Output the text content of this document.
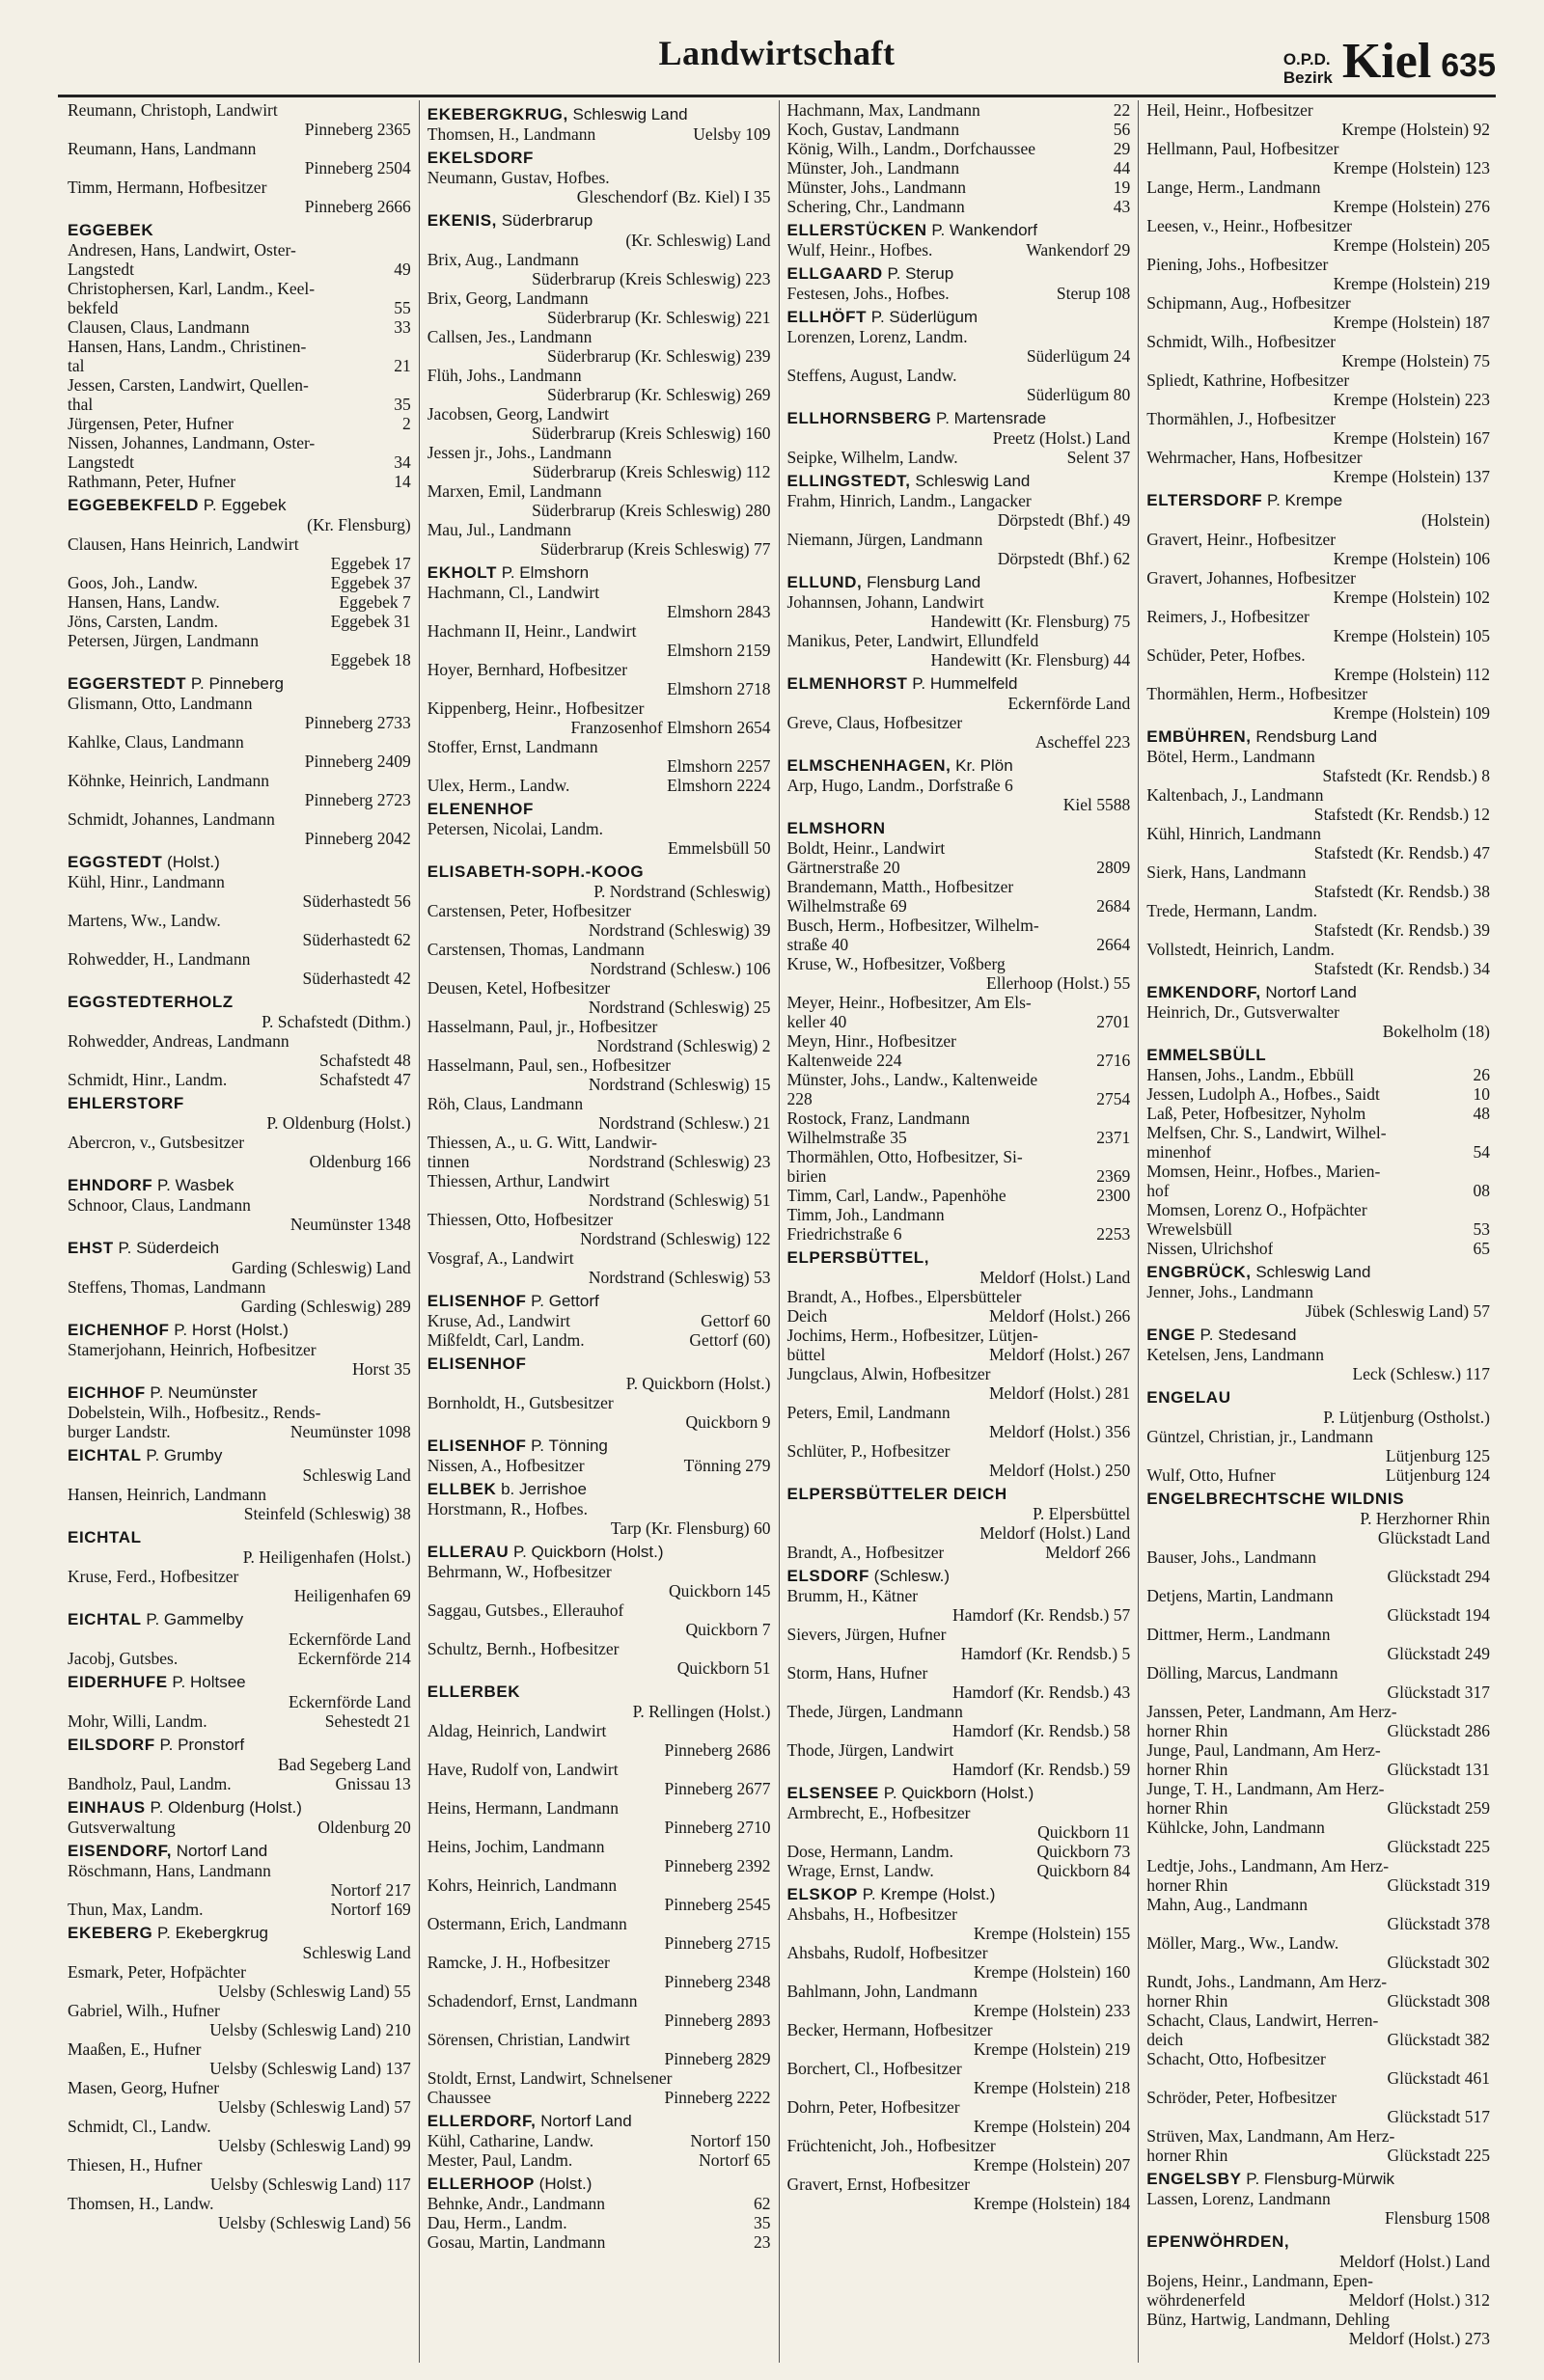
Landwirtschaft	O.P.D.
Bezirk Kiel 635
Reumann, Christoph, Landwirt
Pinneberg 2365
Reumann, Hans, Landmann
Pinneberg 2504
Timm, Hermann, Hofbesitzer
Pinneberg 2666
EGGEBEK
Andresen, Hans, Landwirt, Oster-
Langstedt	49
Christophersen, Karl, Landm., Keel-
bekfeld	55
Clausen, Claus, Landmann	33
Hansen, Hans, Landm., Christinen-
tal	21
Jessen, Carsten, Landwirt, Quellen-
thal	35
Jürgensen, Peter, Hufner	2
Nissen, Johannes, Landmann, Oster-
Langstedt	34
Rathmann, Peter, Hufner	14
EGGEBEKFELD P. Eggebek
(Kr. Flensburg)
Clausen, Hans Heinrich, Landwirt
Eggebek 17
Goos, Joh., Landw.	Eggebek 37
Hansen, Hans, Landw.	Eggebek 7
Jöns, Carsten, Landm.	Eggebek 31
Petersen, Jürgen, Landmann
Eggebek 18
EGGERSTEDT P. Pinneberg
Glismann, Otto, Landmann
Pinneberg 2733
Kahlke, Claus, Landmann
Pinneberg 2409
Köhnke, Heinrich, Landmann
Pinneberg 2723
Schmidt, Johannes, Landmann
Pinneberg 2042
EGGSTEDT (Holst.)
Kühl, Hinr., Landmann
Süderhastedt 56
Martens, Ww., Landw.
Süderhastedt 62
Rohwedder, H., Landmann
Süderhastedt 42
EGGSTEDTERHOLZ
P. Schafstedt (Dithm.)
Rohwedder, Andreas, Landmann
Schafstedt 48
Schmidt, Hinr., Landm.	Schafstedt 47
EHLERSTORF
P. Oldenburg (Holst.)
Abercron, v., Gutsbesitzer
Oldenburg 166
EHNDORF P. Wasbek
Schnoor, Claus, Landmann
Neumünster 1348
EHST P. Süderdeich
Garding (Schleswig) Land
Steffens, Thomas, Landmann
Garding (Schleswig) 289
EICHENHOF P. Horst (Holst.)
Stamerjohann, Heinrich, Hofbesitzer
Horst 35
EICHHOF P. Neumünster
Dobelstein, Wilh., Hofbesitz., Rends-
burger Landstr.	Neumünster 1098
EICHTAL P. Grumby
Schleswig Land
Hansen, Heinrich, Landmann
Steinfeld (Schleswig) 38
EICHTAL
P. Heiligenhafen (Holst.)
Kruse, Ferd., Hofbesitzer
Heiligenhafen 69
EICHTAL P. Gammelby
Eckernförde Land
Jacobj, Gutsbes.	Eckernförde 214
EIDERHUFE P. Holtsee
Eckernförde Land
Mohr, Willi, Landm.	Sehestedt 21
EILSDORF P. Pronstorf
Bad Segeberg Land
Bandholz, Paul, Landm.	Gnissau 13
EINHAUS P. Oldenburg (Holst.)
Gutsverwaltung	Oldenburg 20
EISENDORF, Nortorf Land
Röschmann, Hans, Landmann
Nortorf 217
Thun, Max, Landm.	Nortorf 169
EKEBERG P. Ekebergkrug
Schleswig Land
Esmark, Peter, Hofpächter
Uelsby (Schleswig Land) 55
Gabriel, Wilh., Hufner
Uelsby (Schleswig Land) 210
Maaßen, E., Hufner
Uelsby (Schleswig Land) 137
Masen, Georg, Hufner
Uelsby (Schleswig Land) 57
Schmidt, Cl., Landw.
Uelsby (Schleswig Land) 99
Thiesen, H., Hufner
Uelsby (Schleswig Land) 117
Thomsen, H., Landw.
Uelsby (Schleswig Land) 56
EKEBERGKRUG, Schleswig Land
Thomsen, H., Landmann	Uelsby 109
EKELSDORF
Neumann, Gustav, Hofbes.
Gleschendorf (Bz. Kiel) I 35
EKENIS, Süderbrarup
(Kr. Schleswig) Land
Brix, Aug., Landmann
Süderbrarup (Kreis Schleswig) 223
Brix, Georg, Landmann
Süderbrarup (Kr. Schleswig) 221
Callsen, Jes., Landmann
Süderbrarup (Kr. Schleswig) 239
Flüh, Johs., Landmann
Süderbrarup (Kr. Schleswig) 269
Jacobsen, Georg, Landwirt
Süderbrarup (Kreis Schleswig) 160
Jessen jr., Johs., Landmann
Süderbrarup (Kreis Schleswig) 112
Marxen, Emil, Landmann
Süderbrarup (Kreis Schleswig) 280
Mau, Jul., Landmann
Süderbrarup (Kreis Schleswig) 77
EKHOLT P. Elmshorn
Hachmann, Cl., Landwirt
Elmshorn 2843
Hachmann II, Heinr., Landwirt
Elmshorn 2159
Hoyer, Bernhard, Hofbesitzer
Elmshorn 2718
Kippenberg, Heinr., Hofbesitzer
Franzosenhof Elmshorn 2654
Stoffer, Ernst, Landmann
Elmshorn 2257
Ulex, Herm., Landw.	Elmshorn 2224
ELENENHOF
Petersen, Nicolai, Landm.
Emmelsbüll 50
ELISABETH-SOPH.-KOOG
P. Nordstrand (Schleswig)
Carstensen, Peter, Hofbesitzer
Nordstrand (Schleswig) 39
Carstensen, Thomas, Landmann
Nordstrand (Schlesw.) 106
Deusen, Ketel, Hofbesitzer
Nordstrand (Schleswig) 25
Hasselmann, Paul, jr., Hofbesitzer
Nordstrand (Schleswig) 2
Hasselmann, Paul, sen., Hofbesitzer
Nordstrand (Schleswig) 15
Röh, Claus, Landmann
Nordstrand (Schlesw.) 21
Thiessen, A., u. G. Witt, Landwir-
tinnen	Nordstrand (Schleswig) 23
Thiessen, Arthur, Landwirt
Nordstrand (Schleswig) 51
Thiessen, Otto, Hofbesitzer
Nordstrand (Schleswig) 122
Vosgraf, A., Landwirt
Nordstrand (Schleswig) 53
ELISENHOF P. Gettorf
Kruse, Ad., Landwirt	Gettorf 60
Mißfeldt, Carl, Landm.	Gettorf (60)
ELISENHOF
P. Quickborn (Holst.)
Bornholdt, H., Gutsbesitzer
Quickborn 9
ELISENHOF P. Tönning
Nissen, A., Hofbesitzer	Tönning 279
ELLBEK b. Jerrishoe
Horstmann, R., Hofbes.
Tarp (Kr. Flensburg) 60
ELLERAU P. Quickborn (Holst.)
Behrmann, W., Hofbesitzer
Quickborn 145
Saggau, Gutsbes., Ellerauhof
Quickborn 7
Schultz, Bernh., Hofbesitzer
Quickborn 51
ELLERBEK
P. Rellingen (Holst.)
Aldag, Heinrich, Landwirt
Pinneberg 2686
Have, Rudolf von, Landwirt
Pinneberg 2677
Heins, Hermann, Landmann
Pinneberg 2710
Heins, Jochim, Landmann
Pinneberg 2392
Kohrs, Heinrich, Landmann
Pinneberg 2545
Ostermann, Erich, Landmann
Pinneberg 2715
Ramcke, J. H., Hofbesitzer
Pinneberg 2348
Schadendorf, Ernst, Landmann
Pinneberg 2893
Sörensen, Christian, Landwirt
Pinneberg 2829
Stoldt, Ernst, Landwirt, Schnelsener
Chaussee	Pinneberg 2222
ELLERDORF, Nortorf Land
Kühl, Catharine, Landw.	Nortorf 150
Mester, Paul, Landm.	Nortorf 65
ELLERHOOP (Holst.)
Behnke, Andr., Landmann	62
Dau, Herm., Landm.	35
Gosau, Martin, Landmann	23
Hachmann, Max, Landmann	22
Koch, Gustav, Landmann	56
König, Wilh., Landm., Dorfchaussee	29
Münster, Joh., Landmann	44
Münster, Johs., Landmann	19
Schering, Chr., Landmann	43
ELLERSTÜCKEN P. Wankendorf
Wulf, Heinr., Hofbes.	Wankendorf 29
ELLGAARD P. Sterup
Festesen, Johs., Hofbes.	Sterup 108
ELLHÖFT P. Süderlügum
Lorenzen, Lorenz, Landm.
Süderlügum 24
Steffens, August, Landw.
Süderlügum 80
ELLHORNSBERG P. Martensrade
Preetz (Holst.) Land
Seipke, Wilhelm, Landw.	Selent 37
ELLINGSTEDT, Schleswig Land
Frahm, Hinrich, Landm., Langacker
Dörpstedt (Bhf.) 49
Niemann, Jürgen, Landmann
Dörpstedt (Bhf.) 62
ELLUND, Flensburg Land
Johannsen, Johann, Landwirt
Handewitt (Kr. Flensburg) 75
Manikus, Peter, Landwirt, Ellundfeld
Handewitt (Kr. Flensburg) 44
ELMENHORST P. Hummelfeld
Eckernförde Land
Greve, Claus, Hofbesitzer
Ascheffel 223
ELMSCHENHAGEN, Kr. Plön
Arp, Hugo, Landm., Dorfstraße 6
Kiel 5588
ELMSHORN
Boldt, Heinr., Landwirt
Gärtnerstraße 20	2809
Brandemann, Matth., Hofbesitzer
Wilhelmstraße 69	2684
Busch, Herm., Hofbesitzer, Wilhelm-
straße 40	2664
Kruse, W., Hofbesitzer, Voßberg
Ellerhoop (Holst.) 55
Meyer, Heinr., Hofbesitzer, Am Els-
keller 40	2701
Meyn, Hinr., Hofbesitzer
Kaltenweide 224	2716
Münster, Johs., Landw., Kaltenweide
228	2754
Rostock, Franz, Landmann
Wilhelmstraße 35	2371
Thormählen, Otto, Hofbesitzer, Si-
birien	2369
Timm, Carl, Landw., Papenhöhe	2300
Timm, Joh., Landmann
Friedrichstraße 6	2253
ELPERSBÜTTEL,
Meldorf (Holst.) Land
Brandt, A., Hofbes., Elpersbütteler
Deich	Meldorf (Holst.) 266
Jochims, Herm., Hofbesitzer, Lütjen-
büttel	Meldorf (Holst.) 267
Jungclaus, Alwin, Hofbesitzer
Meldorf (Holst.) 281
Peters, Emil, Landmann
Meldorf (Holst.) 356
Schlüter, P., Hofbesitzer
Meldorf (Holst.) 250
ELPERSBÜTTELER DEICH
P. Elpersbüttel
Meldorf (Holst.) Land
Brandt, A., Hofbesitzer	Meldorf 266
ELSDORF (Schlesw.)
Brumm, H., Kätner
Hamdorf (Kr. Rendsb.) 57
Sievers, Jürgen, Hufner
Hamdorf (Kr. Rendsb.) 5
Storm, Hans, Hufner
Hamdorf (Kr. Rendsb.) 43
Thede, Jürgen, Landmann
Hamdorf (Kr. Rendsb.) 58
Thode, Jürgen, Landwirt
Hamdorf (Kr. Rendsb.) 59
ELSENSEE P. Quickborn (Holst.)
Armbrecht, E., Hofbesitzer
Quickborn 11
Dose, Hermann, Landm.	Quickborn 73
Wrage, Ernst, Landw.	Quickborn 84
ELSKOP P. Krempe (Holst.)
Ahsbahs, H., Hofbesitzer
Krempe (Holstein) 155
Ahsbahs, Rudolf, Hofbesitzer
Krempe (Holstein) 160
Bahlmann, John, Landmann
Krempe (Holstein) 233
Becker, Hermann, Hofbesitzer
Krempe (Holstein) 219
Borchert, Cl., Hofbesitzer
Krempe (Holstein) 218
Dohrn, Peter, Hofbesitzer
Krempe (Holstein) 204
Früchtenicht, Joh., Hofbesitzer
Krempe (Holstein) 207
Gravert, Ernst, Hofbesitzer
Krempe (Holstein) 184
Heil, Heinr., Hofbesitzer
Krempe (Holstein) 92
Hellmann, Paul, Hofbesitzer
Krempe (Holstein) 123
Lange, Herm., Landmann
Krempe (Holstein) 276
Leesen, v., Heinr., Hofbesitzer
Krempe (Holstein) 205
Piening, Johs., Hofbesitzer
Krempe (Holstein) 219
Schipmann, Aug., Hofbesitzer
Krempe (Holstein) 187
Schmidt, Wilh., Hofbesitzer
Krempe (Holstein) 75
Spliedt, Kathrine, Hofbesitzer
Krempe (Holstein) 223
Thormählen, J., Hofbesitzer
Krempe (Holstein) 167
Wehrmacher, Hans, Hofbesitzer
Krempe (Holstein) 137
ELTERSDORF P. Krempe
(Holstein)
Gravert, Heinr., Hofbesitzer
Krempe (Holstein) 106
Gravert, Johannes, Hofbesitzer
Krempe (Holstein) 102
Reimers, J., Hofbesitzer
Krempe (Holstein) 105
Schüder, Peter, Hofbes.
Krempe (Holstein) 112
Thormählen, Herm., Hofbesitzer
Krempe (Holstein) 109
EMBÜHREN, Rendsburg Land
Bötel, Herm., Landmann
Stafstedt (Kr. Rendsb.) 8
Kaltenbach, J., Landmann
Stafstedt (Kr. Rendsb.) 12
Kühl, Hinrich, Landmann
Stafstedt (Kr. Rendsb.) 47
Sierk, Hans, Landmann
Stafstedt (Kr. Rendsb.) 38
Trede, Hermann, Landm.
Stafstedt (Kr. Rendsb.) 39
Vollstedt, Heinrich, Landm.
Stafstedt (Kr. Rendsb.) 34
EMKENDORF, Nortorf Land
Heinrich, Dr., Gutsverwalter
Bokelholm (18)
EMMELSBÜLL
Hansen, Johs., Landm., Ebbüll	26
Jessen, Ludolph A., Hofbes., Saidt	10
Laß, Peter, Hofbesitzer, Nyholm	48
Melfsen, Chr. S., Landwirt, Wilhel-
minenhof	54
Momsen, Heinr., Hofbes., Marien-
hof	08
Momsen, Lorenz O., Hofpächter
Wrewelsbüll	53
Nissen, Ulrichshof	65
ENGBRÜCK, Schleswig Land
Jenner, Johs., Landmann
Jübek (Schleswig Land) 57
ENGE P. Stedesand
Ketelsen, Jens, Landmann
Leck (Schlesw.) 117
ENGELAU
P. Lütjenburg (Ostholst.)
Güntzel, Christian, jr., Landmann
Lütjenburg 125
Wulf, Otto, Hufner	Lütjenburg 124
ENGELBRECHTSCHE WILDNIS
P. Herzhorner Rhin
Glückstadt Land
Bauser, Johs., Landmann
Glückstadt 294
Detjens, Martin, Landmann
Glückstadt 194
Dittmer, Herm., Landmann
Glückstadt 249
Dölling, Marcus, Landmann
Glückstadt 317
Janssen, Peter, Landmann, Am Herz-
horner Rhin	Glückstadt 286
Junge, Paul, Landmann, Am Herz-
horner Rhin	Glückstadt 131
Junge, T. H., Landmann, Am Herz-
horner Rhin	Glückstadt 259
Kühlcke, John, Landmann
Glückstadt 225
Ledtje, Johs., Landmann, Am Herz-
horner Rhin	Glückstadt 319
Mahn, Aug., Landmann
Glückstadt 378
Möller, Marg., Ww., Landw.
Glückstadt 302
Rundt, Johs., Landmann, Am Herz-
horner Rhin	Glückstadt 308
Schacht, Claus, Landwirt, Herren-
deich	Glückstadt 382
Schacht, Otto, Hofbesitzer
Glückstadt 461
Schröder, Peter, Hofbesitzer
Glückstadt 517
Strüven, Max, Landmann, Am Herz-
horner Rhin	Glückstadt 225
ENGELSBY P. Flensburg-Mürwik
Lassen, Lorenz, Landmann
Flensburg 1508
EPENWÖHRDEN,
Meldorf (Holst.) Land
Bojens, Heinr., Landmann, Epen-
wöhrdenerfeld	Meldorf (Holst.) 312
Bünz, Hartwig, Landmann, Dehling
Meldorf (Holst.) 273
